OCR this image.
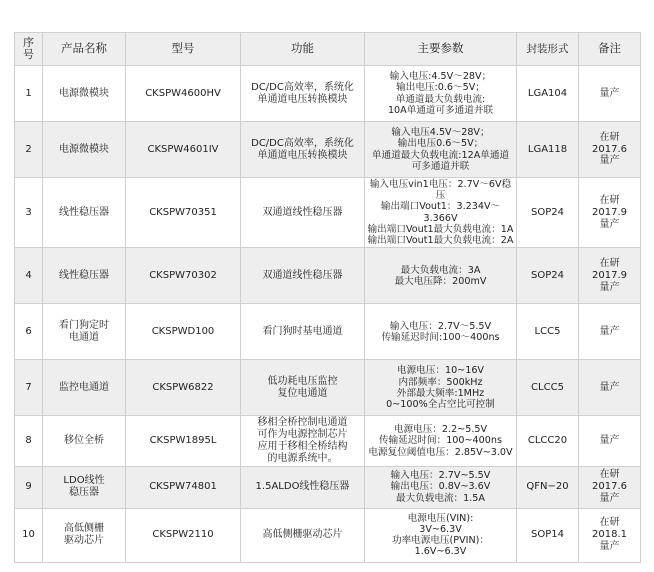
序号	产品名称	型号	功能	主要参数	封装形式	备注
1	电源微模块	CKSPW4600HV	DC/DC高效率，系统化
单通道电压转换模块	输入电压:4.5V～28V；
输出电压:0.6～5V；
单通道最大负载电流:
10A单通道可多通道并联	LGA104	量产
2	电源微模块	CKSPW4601IV	DC/DC高效率，系统化
单通道电压转换模块	输入电压4.5V～28V；
输出电压0.6～5V；
单通道最大负载电流:12A单通道
可多通道并联	LGA118	在研
2017.6
量产
3	线性稳压器	CKSPW70351	双通道线性稳压器	输入电压vin1电压：2.7V～6V稳压
输出端口Vout1：3.234V～3.366V
输出端口Vout1最大负载电流：1A
输出端口Vout1最大负载电流：2A	SOP24	在研
2017.9
量产
4	线性稳压器	CKSPW70302	双通道线性稳压器	最大负载电流：3A
最大电压降：200mV	SOP24	在研
2017.9
量产
6	看门狗定时
电通道	CKSPWD100	看门狗时基电通道	输入电压：2.7V～5.5V
传输延迟时间:100～400ns	LCC5	量产
7	监控电通道	CKSPW6822	低功耗电压监控
复位电通道	电源电压：10~16V
内部频率：500kHz
外部最大频率:1MHz
0~100%全占空比可控制	CLCC5	量产
8	移位全桥	CKSPW1895L	移相全桥控制电通道
可作为电源控制芯片
应用于移相全桥结构
的电源系统中。	电源电压：2.2~5.5V
传输延迟时间：100~400ns
电源复位阈值电压：2.85V~3.0V	CLCC20	量产
9	LDO线性
稳压器	CKSPW74801	1.5ALDO线性稳压器	输入电压：2.7V~5.5V
输出电压：0.8V~3.6V
最大负载电流：1.5A	QFN−20	在研
2017.6
量产
10	高低侧栅
驱动芯片	CKSPW2110	高低侧栅驱动芯片	电源电压(VIN):
3V~6.3V
功率电源电压(PVIN)：
1.6V~6.3V	SOP14	在研
2018.1
量产
